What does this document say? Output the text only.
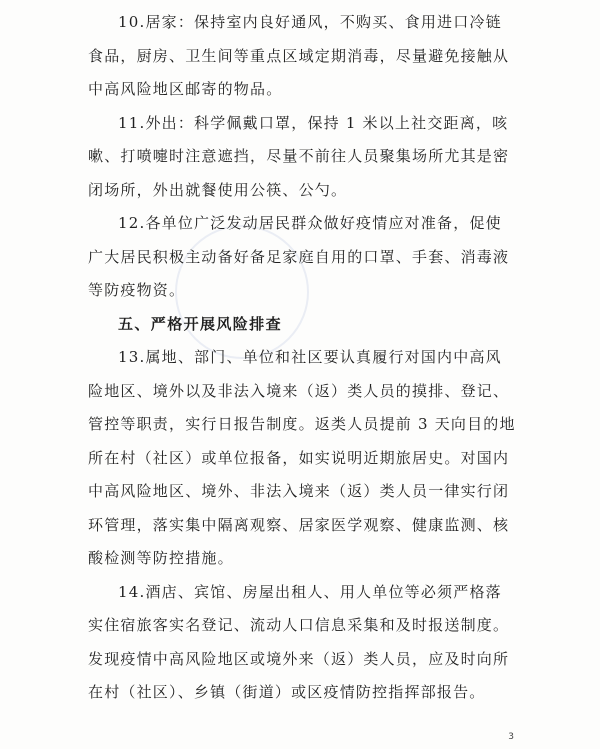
10.居家：保持室内良好通风，不购买、食用进口冷链

食品，厨房、卫生间等重点区域定期消毒，尽量避免接触从

中高风险地区邮寄的物品。

11.外出：科学佩戴口罩，保持 1 米以上社交距离，咳

嗽、打喷嚏时注意遮挡，尽量不前往人员聚集场所尤其是密

闭场所，外出就餐使用公筷、公勺。

12.各单位广泛发动居民群众做好疫情应对准备，促使

广大居民积极主动备好备足家庭自用的口罩、手套、消毒液

等防疫物资。

五、严格开展风险排查

13.属地、部门、单位和社区要认真履行对国内中高风

险地区、境外以及非法入境来（返）类人员的摸排、登记、

管控等职责，实行日报告制度。返类人员提前 3 天向目的地

所在村（社区）或单位报备，如实说明近期旅居史。对国内

中高风险地区、境外、非法入境来（返）类人员一律实行闭

环管理，落实集中隔离观察、居家医学观察、健康监测、核

酸检测等防控措施。

14.酒店、宾馆、房屋出租人、用人单位等必须严格落

实住宿旅客实名登记、流动人口信息采集和及时报送制度。

发现疫情中高风险地区或境外来（返）类人员，应及时向所

在村（社区）、乡镇（街道）或区疫情防控指挥部报告。

3
